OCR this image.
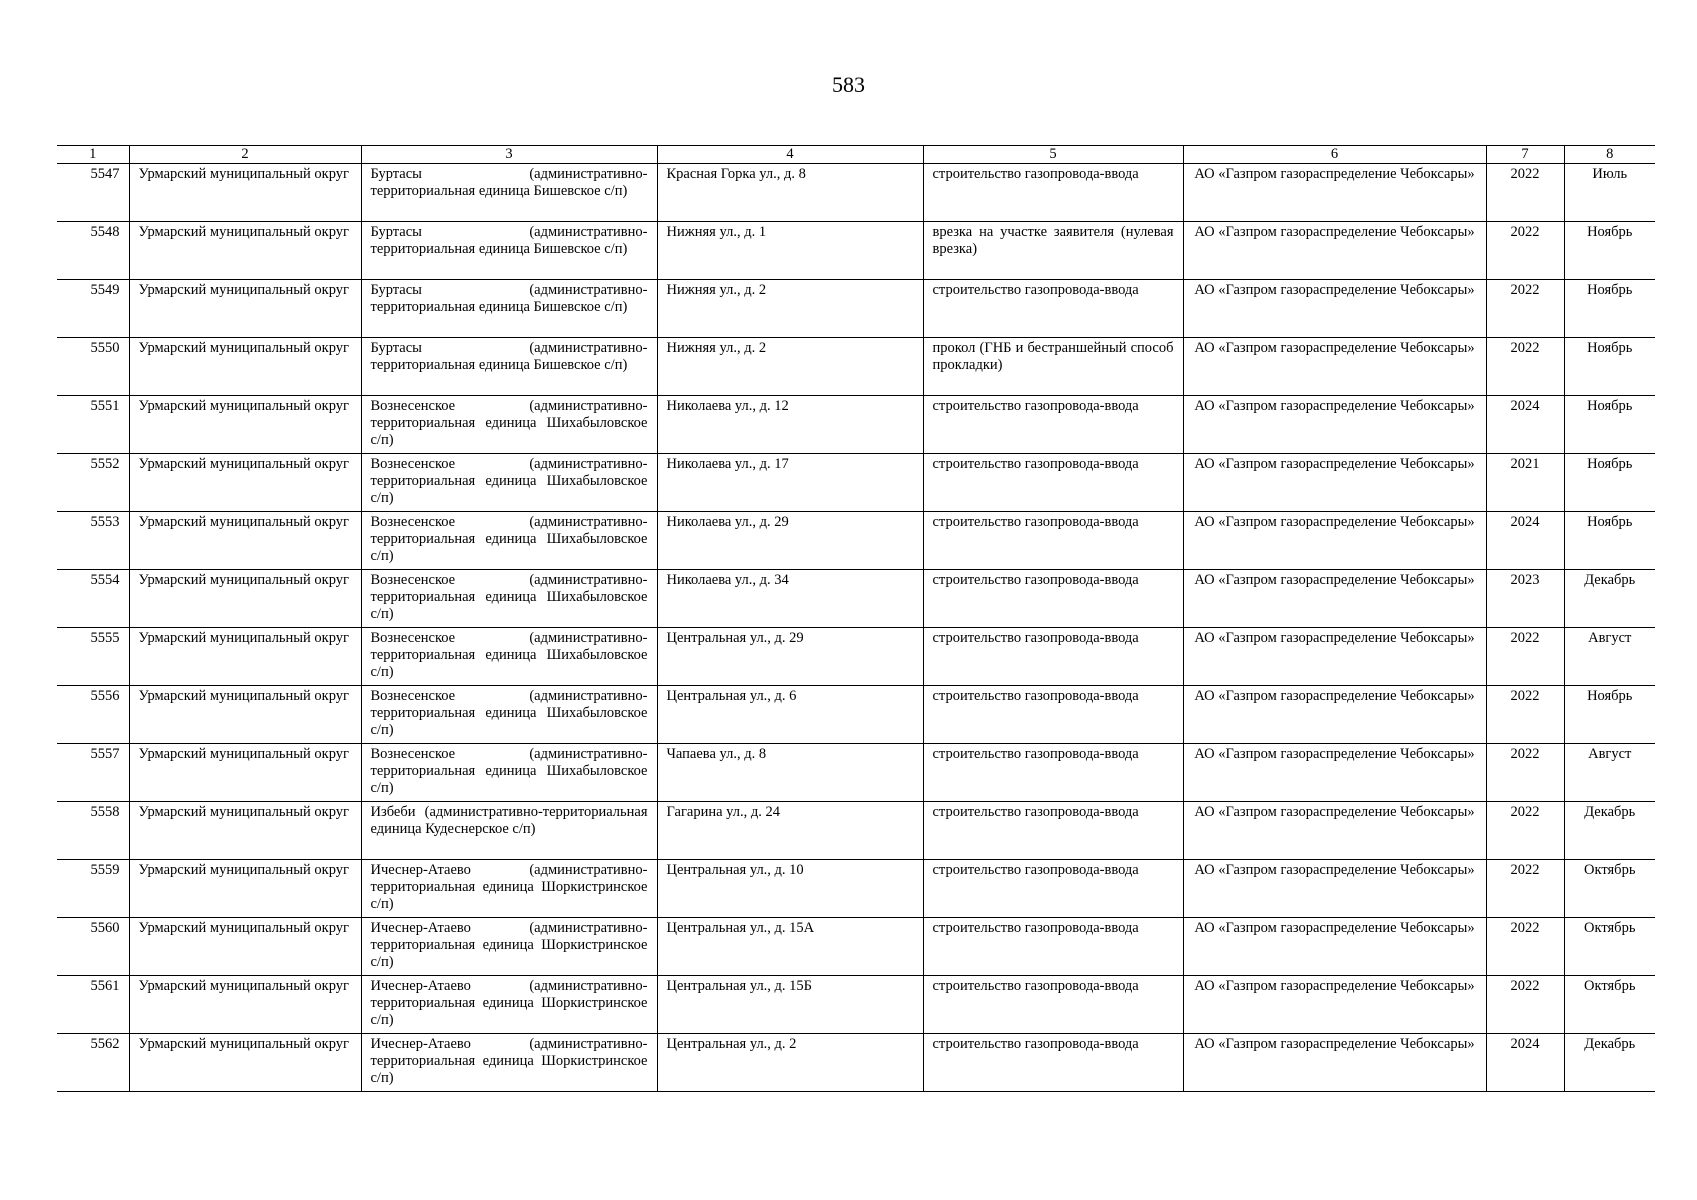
583
1	2	3	4	5	6	7	8
5547	Урмарский муниципальный округ	Буртасы (административно-территориальная единица Бишевское с/п)	Красная Горка ул., д. 8	строительство газопровода-ввода	АО «Газпром газораспределение Чебоксары»	2022	Июль
5548	Урмарский муниципальный округ	Буртасы (административно-территориальная единица Бишевское с/п)	Нижняя ул., д. 1	врезка на участке заявителя (нулевая врезка)	АО «Газпром газораспределение Чебоксары»	2022	Ноябрь
5549	Урмарский муниципальный округ	Буртасы (административно-территориальная единица Бишевское с/п)	Нижняя ул., д. 2	строительство газопровода-ввода	АО «Газпром газораспределение Чебоксары»	2022	Ноябрь
5550	Урмарский муниципальный округ	Буртасы (административно-территориальная единица Бишевское с/п)	Нижняя ул., д. 2	прокол (ГНБ и бестраншейный способ прокладки)	АО «Газпром газораспределение Чебоксары»	2022	Ноябрь
5551	Урмарский муниципальный округ	Вознесенское (административно-территориальная единица Шихабыловское с/п)	Николаева ул., д. 12	строительство газопровода-ввода	АО «Газпром газораспределение Чебоксары»	2024	Ноябрь
5552	Урмарский муниципальный округ	Вознесенское (административно-территориальная единица Шихабыловское с/п)	Николаева ул., д. 17	строительство газопровода-ввода	АО «Газпром газораспределение Чебоксары»	2021	Ноябрь
5553	Урмарский муниципальный округ	Вознесенское (административно-территориальная единица Шихабыловское с/п)	Николаева ул., д. 29	строительство газопровода-ввода	АО «Газпром газораспределение Чебоксары»	2024	Ноябрь
5554	Урмарский муниципальный округ	Вознесенское (административно-территориальная единица Шихабыловское с/п)	Николаева ул., д. 34	строительство газопровода-ввода	АО «Газпром газораспределение Чебоксары»	2023	Декабрь
5555	Урмарский муниципальный округ	Вознесенское (административно-территориальная единица Шихабыловское с/п)	Центральная ул., д. 29	строительство газопровода-ввода	АО «Газпром газораспределение Чебоксары»	2022	Август
5556	Урмарский муниципальный округ	Вознесенское (административно-территориальная единица Шихабыловское с/п)	Центральная ул., д. 6	строительство газопровода-ввода	АО «Газпром газораспределение Чебоксары»	2022	Ноябрь
5557	Урмарский муниципальный округ	Вознесенское (административно-территориальная единица Шихабыловское с/п)	Чапаева ул., д. 8	строительство газопровода-ввода	АО «Газпром газораспределение Чебоксары»	2022	Август
5558	Урмарский муниципальный округ	Избеби (административно-территориальная единица Кудеснерское с/п)	Гагарина ул., д. 24	строительство газопровода-ввода	АО «Газпром газораспределение Чебоксары»	2022	Декабрь
5559	Урмарский муниципальный округ	Ичеснер-Атаево (административно-территориальная единица Шоркистринское с/п)	Центральная ул., д. 10	строительство газопровода-ввода	АО «Газпром газораспределение Чебоксары»	2022	Октябрь
5560	Урмарский муниципальный округ	Ичеснер-Атаево (административно-территориальная единица Шоркистринское с/п)	Центральная ул., д. 15А	строительство газопровода-ввода	АО «Газпром газораспределение Чебоксары»	2022	Октябрь
5561	Урмарский муниципальный округ	Ичеснер-Атаево (административно-территориальная единица Шоркистринское с/п)	Центральная ул., д. 15Б	строительство газопровода-ввода	АО «Газпром газораспределение Чебоксары»	2022	Октябрь
5562	Урмарский муниципальный округ	Ичеснер-Атаево (административно-территориальная единица Шоркистринское с/п)	Центральная ул., д. 2	строительство газопровода-ввода	АО «Газпром газораспределение Чебоксары»	2024	Декабрь
